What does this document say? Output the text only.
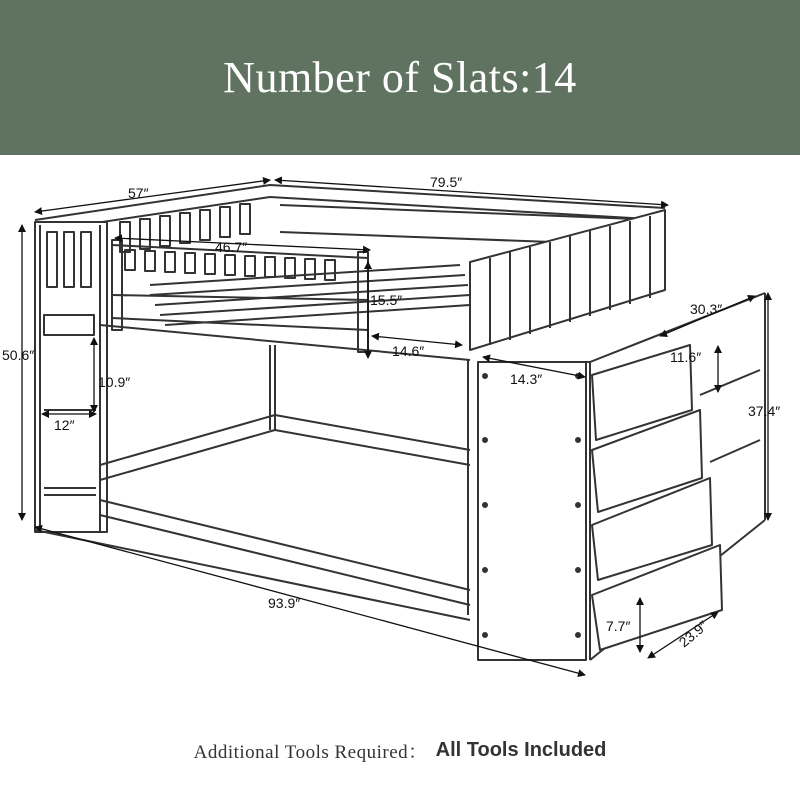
Number of Slats:14
57″
79.5″
46.7″
15.5″
14.6″
50.6″
10.9″
12″
93.9″
14.3″
30.3″
11.6″
37.4″
7.7″	23.9″
Additional Tools Required： All Tools Included
